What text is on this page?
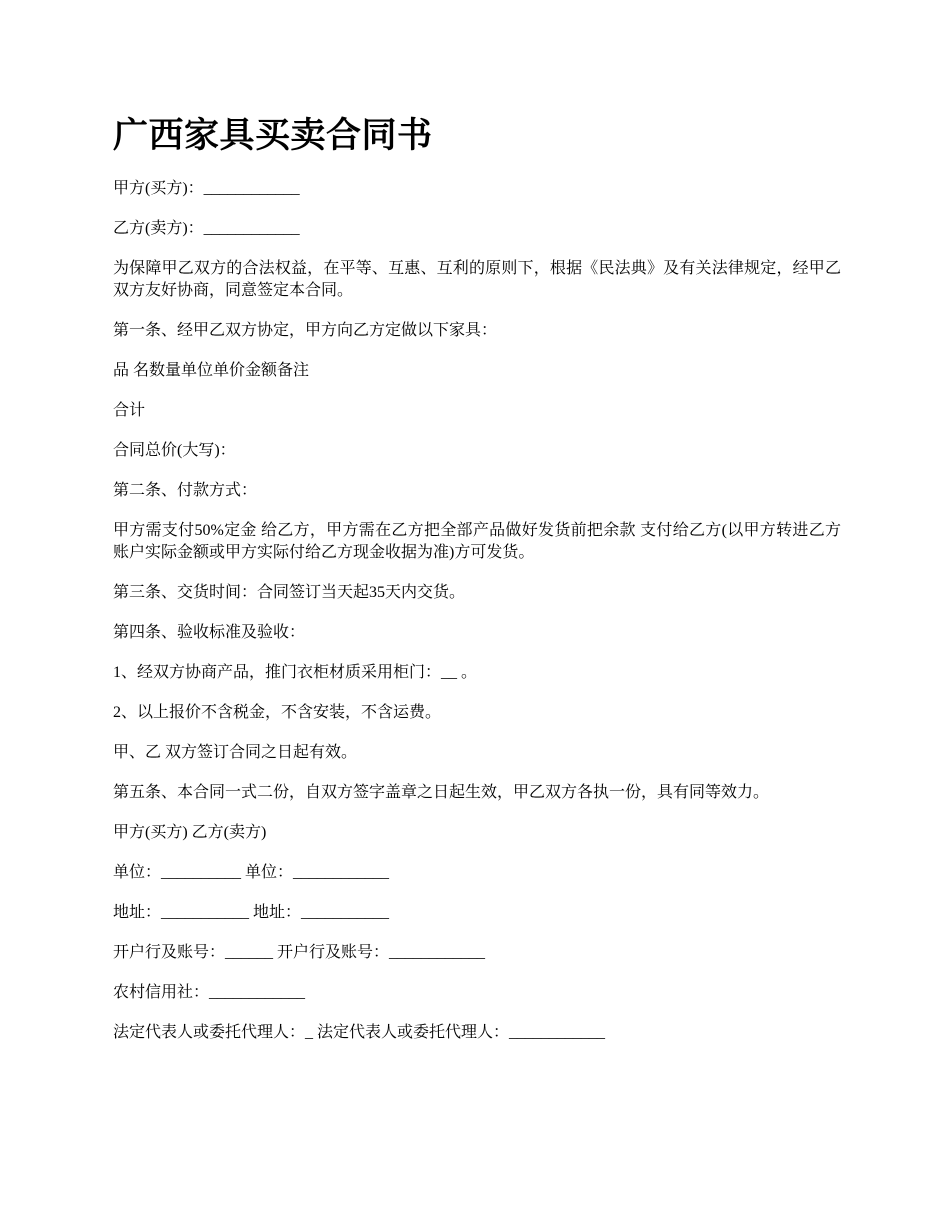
广西家具买卖合同书

甲方(买方)：____________

乙方(卖方)：____________

为保障甲乙双方的合法权益，在平等、互惠、互利的原则下，根据《民法典》及有关法律规定，经甲乙双方友好协商，同意签定本合同。

第一条、经甲乙双方协定，甲方向乙方定做以下家具：

品 名数量单位单价金额备注

合计

合同总价(大写)：

第二条、付款方式：

甲方需支付50%定金 给乙方，甲方需在乙方把全部产品做好发货前把余款 支付给乙方(以甲方转进乙方账户实际金额或甲方实际付给乙方现金收据为准)方可发货。

第三条、交货时间：合同签订当天起35天内交货。

第四条、验收标准及验收：

1、经双方协商产品，推门衣柜材质采用柜门：__ 。

2、以上报价不含税金，不含安装，不含运费。

甲、乙 双方签订合同之日起有效。

第五条、本合同一式二份，自双方签字盖章之日起生效，甲乙双方各执一份，具有同等效力。

甲方(买方) 乙方(卖方)

单位：__________ 单位：____________

地址：___________ 地址：___________

开户行及账号：______ 开户行及账号：____________

农村信用社：____________

法定代表人或委托代理人：_ 法定代表人或委托代理人：____________
